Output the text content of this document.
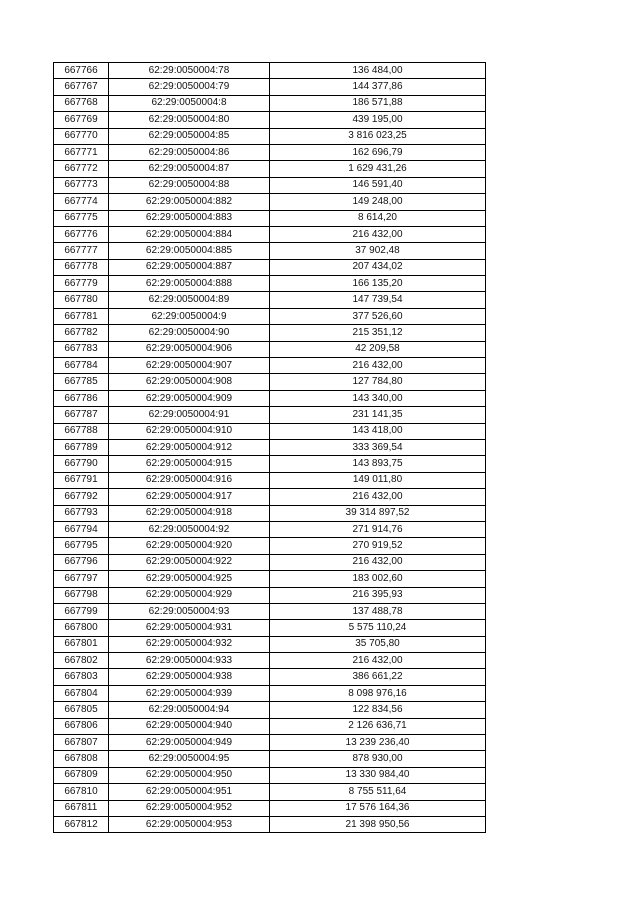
667766	62:29:0050004:78	136 484,00
667767	62:29:0050004:79	144 377,86
667768	62:29:0050004:8	186 571,88
667769	62:29:0050004:80	439 195,00
667770	62:29:0050004:85	3 816 023,25
667771	62:29:0050004:86	162 696,79
667772	62:29:0050004:87	1 629 431,26
667773	62:29:0050004:88	146 591,40
667774	62:29:0050004:882	149 248,00
667775	62:29:0050004:883	8 614,20
667776	62:29:0050004:884	216 432,00
667777	62:29:0050004:885	37 902,48
667778	62:29:0050004:887	207 434,02
667779	62:29:0050004:888	166 135,20
667780	62:29:0050004:89	147 739,54
667781	62:29:0050004:9	377 526,60
667782	62:29:0050004:90	215 351,12
667783	62:29:0050004:906	42 209,58
667784	62:29:0050004:907	216 432,00
667785	62:29:0050004:908	127 784,80
667786	62:29:0050004:909	143 340,00
667787	62:29:0050004:91	231 141,35
667788	62:29:0050004:910	143 418,00
667789	62:29:0050004:912	333 369,54
667790	62:29:0050004:915	143 893,75
667791	62:29:0050004:916	149 011,80
667792	62:29:0050004:917	216 432,00
667793	62:29:0050004:918	39 314 897,52
667794	62:29:0050004:92	271 914,76
667795	62:29:0050004:920	270 919,52
667796	62:29:0050004:922	216 432,00
667797	62:29:0050004:925	183 002,60
667798	62:29:0050004:929	216 395,93
667799	62:29:0050004:93	137 488,78
667800	62:29:0050004:931	5 575 110,24
667801	62:29:0050004:932	35 705,80
667802	62:29:0050004:933	216 432,00
667803	62:29:0050004:938	386 661,22
667804	62:29:0050004:939	8 098 976,16
667805	62:29:0050004:94	122 834,56
667806	62:29:0050004:940	2 126 636,71
667807	62:29:0050004:949	13 239 236,40
667808	62:29:0050004:95	878 930,00
667809	62:29:0050004:950	13 330 984,40
667810	62:29:0050004:951	8 755 511,64
667811	62:29:0050004:952	17 576 164,36
667812	62:29:0050004:953	21 398 950,56
